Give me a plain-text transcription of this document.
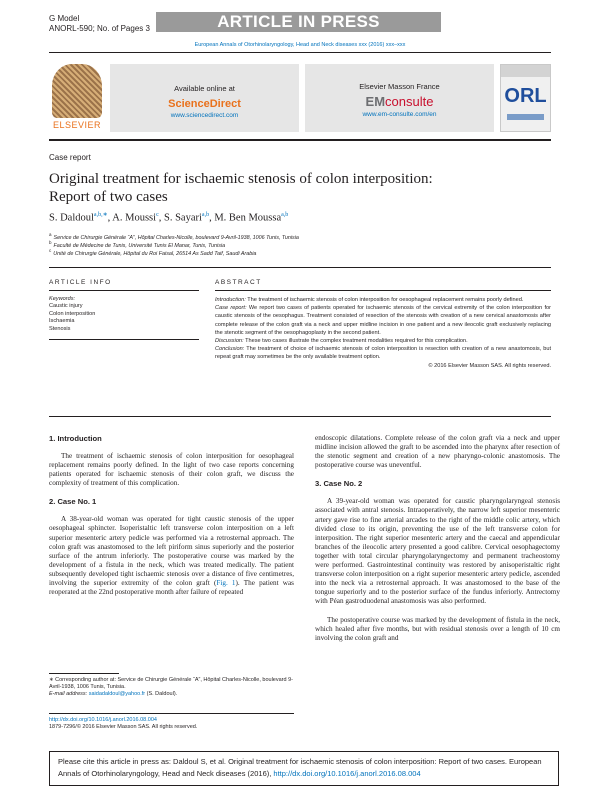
G Model
ANORL-590; No. of Pages 3	ARTICLE IN PRESS
European Annals of Otorhinolaryngology, Head and Neck diseases xxx (2016) xxx–xxx
ELSEVIER
Available online at
ScienceDirect
www.sciencedirect.com
Elsevier Masson France
EMconsulte
www.em-consulte.com/en
ORL
Case report
Original treatment for ischaemic stenosis of colon interposition:
Report of two cases
S. Daldoul$^{a,b,∗}$, A. Moussi$^c$, S. Sayari$^{a,b}$, M. Ben Moussa$^{a,b}$
$^a$Service de Chirurgie Générale “A”, Hôpital Charles-Nicolle, boulevard 9-Avril-1938, 1006 Tunis, Tunisia
$^b$Faculté de Médecine de Tunis, Université Tunis El Manar, Tunis, Tunisia
$^c$Unité de Chirurgie Générale, Hôpital du Roi Faisal, 26514 As Sadd Taif, Saudi Arabia
ARTICLE INFO
Keywords:
Caustic injury
Colon interposition
Ischaemia
Stenosis
ABSTRACT
Introduction: The treatment of ischaemic stenosis of colon interposition for oesophageal replacement remains poorly defined.
Case report: We report two cases of patients operated for ischaemic stenosis of the cervical extremity of the colon interposition for caustic stenosis of the oesophagus. Treatment consisted of resection of the stenosis with creation of a new cervical anastomosis after complete release of the colon graft via a neck and upper midline incision in one patient and a new ileocolic graft exclusively replacing the stenotic segment of the oesophagoplasty in the second patient.
Discussion: These two cases illustrate the complex treatment modalities required for this complication.
Conclusion: The treatment of choice of ischaemic stenosis of colon interposition is resection with creation of a new anastomosis, but repeat graft may sometimes be the only available treatment option.
© 2016 Elsevier Masson SAS. All rights reserved.
1. Introduction
The treatment of ischaemic stenosis of colon interposition for oesophageal replacement remains poorly defined. In the light of two case reports concerning patients operated for ischaemic stenosis of their colon graft, we discuss the complexity of treatment of this complication.
2. Case No. 1
A 38-year-old woman was operated for tight caustic stenosis of the upper oesophageal sphincter. Isoperistaltic left transverse colon interposition on a left superior mesenteric artery pedicle was performed via a retrosternal approach. The colon graft was anastomosed to the left piriform sinus superiorly and the posterior surface of the antrum inferiorly. The postoperative course was marked by the development of a fistula in the neck, which was treated medically. The patient subsequently developed tight ischaemic stenosis over a distance of five centimetres, involving the superior extremity of the colon graft (Fig. 1). The patient was reoperated at the 22nd postoperative month after failure of repeated
endoscopic dilatations. Complete release of the colon graft via a neck and upper midline incision allowed the graft to be ascended into the pharynx after resection of the stenotic segment and creation of a new pharyngo-colonic anastomosis. The postoperative course was uneventful.
3. Case No. 2
A 39-year-old woman was operated for caustic pharyngolaryngeal stenosis associated with antral stenosis. Intraoperatively, the narrow left superior mesenteric artery gave rise to fine arterial arcades to the right of the middle colic artery, which divided close to its origin, preventing the use of the left transverse colon for interposition. The right superior mesenteric artery and the caecal and appendicular branches of the ileocolic artery presented a good calibre. Cervical oesophagectomy together with total circular pharyngolaryngectomy and permanent tracheostomy were performed. Gastrointestinal continuity was restored by anisoperistaltic right transverse colon interposition on a right superior mesenteric artery pedicle, ascended into the neck via a retrosternal approach. It was anastomosed to the base of the tongue superiorly and to the posterior surface of the fundus inferiorly. Antrectomy with Péan gastroduodenal anastomosis was also performed.
The postoperative course was marked by the development of fistula in the neck, which healed after five months, but with residual stenosis over a length of 10 cm involving the colon graft and
∗ Corresponding author at: Service de Chirurgie Générale “A”, Hôpital Charles-Nicolle, boulevard 9-Avril-1938, 1006 Tunis, Tunisia.
E-mail address: saidadaldoul@yahoo.fr (S. Daldoul).
http://dx.doi.org/10.1016/j.anorl.2016.08.004
1879-7296/© 2016 Elsevier Masson SAS. All rights reserved.
Please cite this article in press as: Daldoul S, et al. Original treatment for ischaemic stenosis of colon interposition: Report of two cases. European Annals of Otorhinolaryngology, Head and Neck diseases (2016), http://dx.doi.org/10.1016/j.anorl.2016.08.004
